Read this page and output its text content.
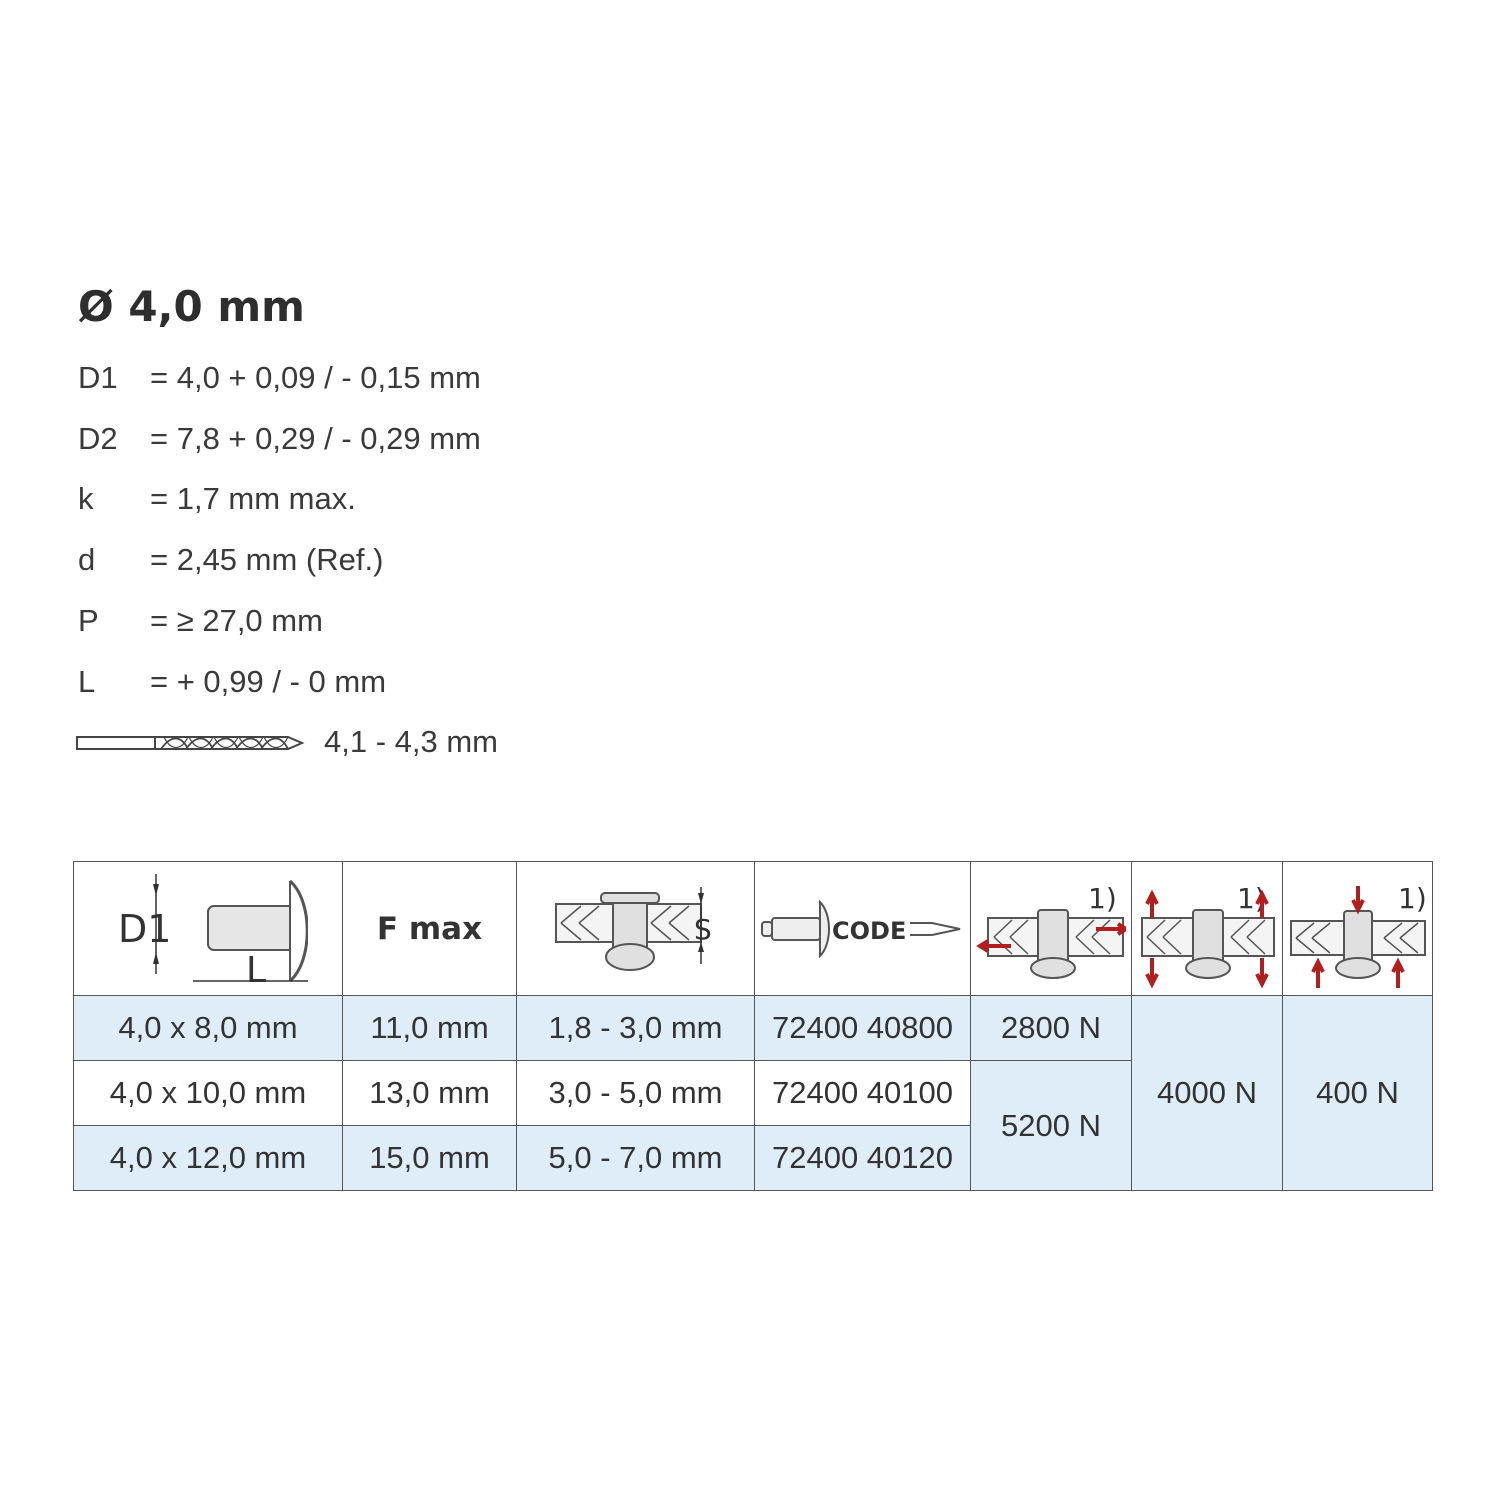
Ø 4,0 mm
D1 = 4,0 + 0,09 / - 0,15 mm
D2 = 7,8 + 0,29 / - 0,29 mm
k = 1,7 mm max.
d = 2,45 mm (Ref.)
P = ≥ 27,0 mm
L = + 0,99 / - 0 mm
4,1 - 4,3 mm
D1
L	F max	S	CODE	1)	1)	1)

4,0 x 8,0 mm	11,0 mm	1,8 - 3,0 mm	72400 40800	2800 N	4000 N	400 N
4,0 x 10,0 mm	13,0 mm	3,0 - 5,0 mm	72400 40100	5200 N		
4,0 x 12,0 mm	15,0 mm	5,0 - 7,0 mm	72400 40120			
